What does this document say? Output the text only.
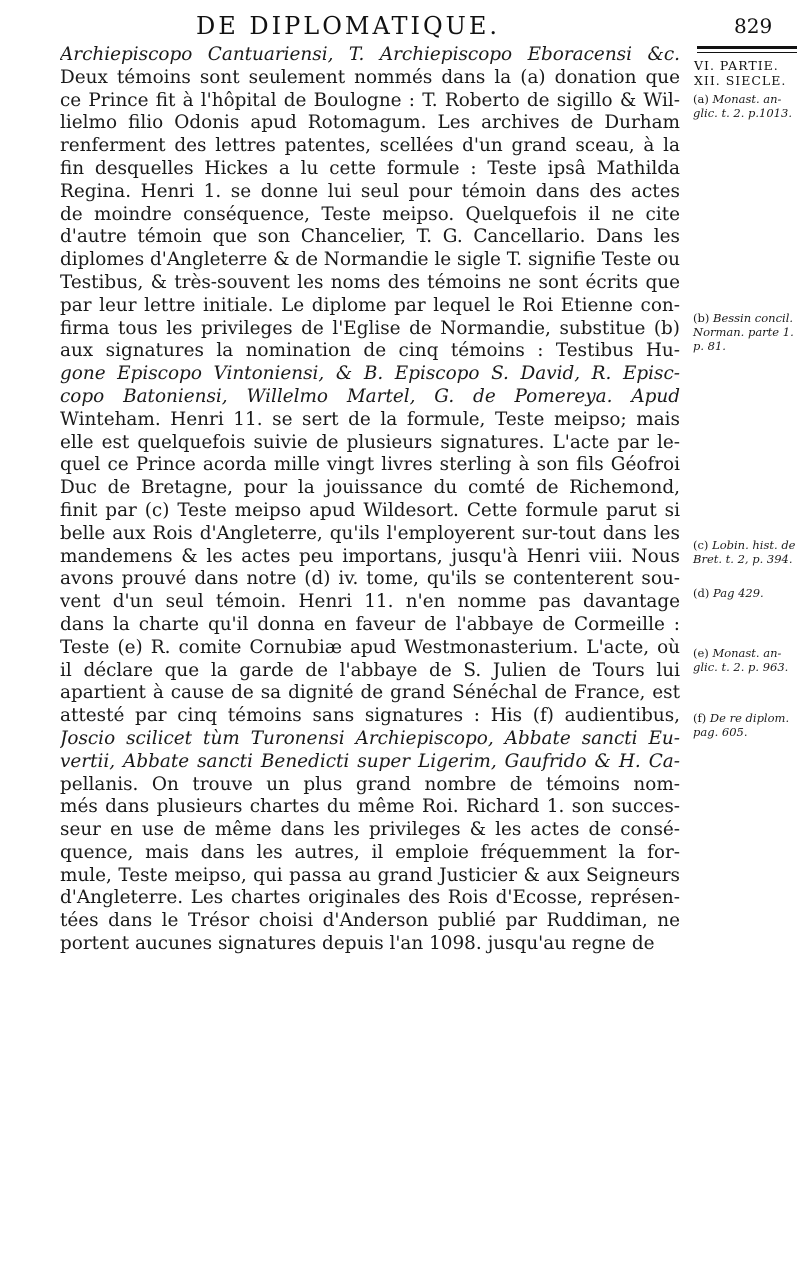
DE DIPLOMATIQUE.	829
VI. PARTIE.
XII. SIECLE.
(a) Monast. an-
glic. t. 2. p.1013.
(b) Bessin concil.
Norman. parte 1.
p. 81.
(c) Lobin. hist. de
Bret. t. 2, p. 394.
(d) Pag 429.
(e) Monast. an-
glic. t. 2. p. 963.
(f) De re diplom.
pag. 605.
Archiepiscopo Cantuariensi, T. Archiepiscopo Eboracensi &c.
Deux témoins sont seulement nommés dans la (a) donation que
ce Prince fit à l'hôpital de Boulogne : T. Roberto de sigillo & Wil-
lielmo filio Odonis apud Rotomagum. Les archives de Durham
renferment des lettres patentes, scellées d'un grand sceau, à la
fin desquelles Hickes a lu cette formule : Teste ipsâ Mathilda
Regina. Henri 1. se donne lui seul pour témoin dans des actes
de moindre conséquence, Teste meipso. Quelquefois il ne cite
d'autre témoin que son Chancelier, T. G. Cancellario. Dans les
diplomes d'Angleterre & de Normandie le sigle T. signifie Teste ou
Testibus, & très-souvent les noms des témoins ne sont écrits que
par leur lettre initiale. Le diplome par lequel le Roi Etienne con-
firma tous les privileges de l'Eglise de Normandie, substitue (b)
aux signatures la nomination de cinq témoins : Testibus Hu-
gone Episcopo Vintoniensi, & B. Episcopo S. David, R. Episc-
copo Batoniensi, Willelmo Martel, G. de Pomereya. Apud
Winteham. Henri 11. se sert de la formule, Teste meipso; mais
elle est quelquefois suivie de plusieurs signatures. L'acte par le-
quel ce Prince acorda mille vingt livres sterling à son fils Géofroi
Duc de Bretagne, pour la jouissance du comté de Richemond,
finit par (c) Teste meipso apud Wildesort. Cette formule parut si
belle aux Rois d'Angleterre, qu'ils l'employerent sur-tout dans les
mandemens & les actes peu importans, jusqu'à Henri viii. Nous
avons prouvé dans notre (d) iv. tome, qu'ils se contenterent sou-
vent d'un seul témoin. Henri 11. n'en nomme pas davantage
dans la charte qu'il donna en faveur de l'abbaye de Cormeille :
Teste (e) R. comite Cornubiæ apud Westmonasterium. L'acte, où
il déclare que la garde de l'abbaye de S. Julien de Tours lui
apartient à cause de sa dignité de grand Sénéchal de France, est
attesté par cinq témoins sans signatures : His (f) audientibus,
Joscio scilicet tùm Turonensi Archiepiscopo, Abbate sancti Eu-
vertii, Abbate sancti Benedicti super Ligerim, Gaufrido & H. Ca-
pellanis. On trouve un plus grand nombre de témoins nom-
més dans plusieurs chartes du même Roi. Richard 1. son succes-
seur en use de même dans les privileges & les actes de consé-
quence, mais dans les autres, il emploie fréquemment la for-
mule, Teste meipso, qui passa au grand Justicier & aux Seigneurs
d'Angleterre. Les chartes originales des Rois d'Ecosse, représen-
tées dans le Trésor choisi d'Anderson publié par Ruddiman, ne
portent aucunes signatures depuis l'an 1098. jusqu'au regne de
